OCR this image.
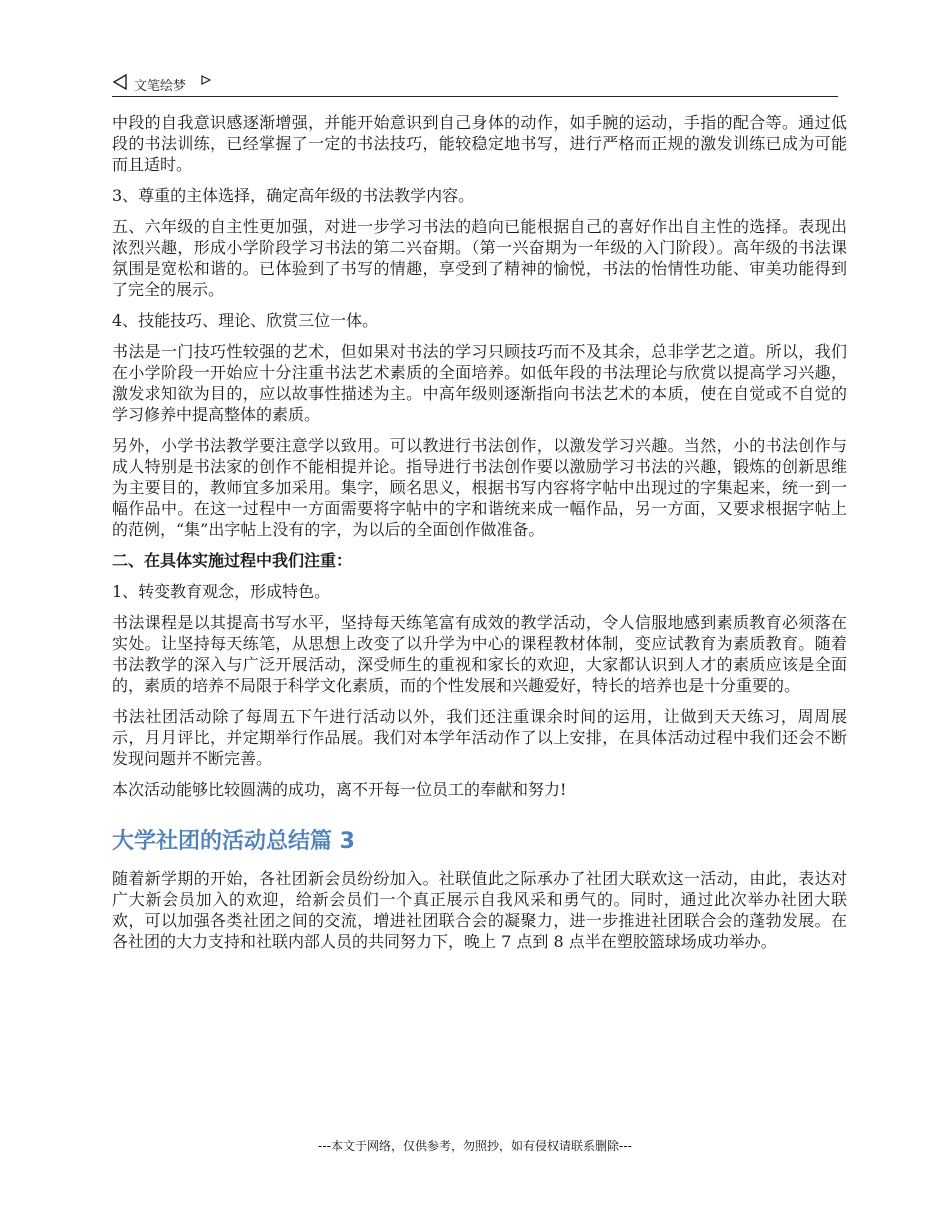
文笔绘梦

中段的自我意识感逐渐增强，并能开始意识到自己身体的动作，如手腕的运动，手指的配合等。通过低段的书法训练，已经掌握了一定的书法技巧，能较稳定地书写，进行严格而正规的激发训练已成为可能而且适时。

3、尊重的主体选择，确定高年级的书法教学内容。

五、六年级的自主性更加强，对进一步学习书法的趋向已能根据自己的喜好作出自主性的选择。表现出浓烈兴趣，形成小学阶段学习书法的第二兴奋期。（第一兴奋期为一年级的入门阶段）。高年级的书法课氛围是宽松和谐的。已体验到了书写的情趣，享受到了精神的愉悦，书法的怡情性功能、审美功能得到了完全的展示。

4、技能技巧、理论、欣赏三位一体。

书法是一门技巧性较强的艺术，但如果对书法的学习只顾技巧而不及其余，总非学艺之道。所以，我们在小学阶段一开始应十分注重书法艺术素质的全面培养。如低年段的书法理论与欣赏以提高学习兴趣，激发求知欲为目的，应以故事性描述为主。中高年级则逐渐指向书法艺术的本质，使在自觉或不自觉的学习修养中提高整体的素质。

另外，小学书法教学要注意学以致用。可以教进行书法创作，以激发学习兴趣。当然，小的书法创作与成人特别是书法家的创作不能相提并论。指导进行书法创作要以激励学习书法的兴趣，锻炼的创新思维为主要目的，教师宜多加采用。集字，顾名思义，根据书写内容将字帖中出现过的字集起来，统一到一幅作品中。在这一过程中一方面需要将字帖中的字和谐统来成一幅作品，另一方面，又要求根据字帖上的范例，“集”出字帖上没有的字，为以后的全面创作做准备。

二、在具体实施过程中我们注重：

1、转变教育观念，形成特色。

书法课程是以其提高书写水平，坚持每天练笔富有成效的教学活动，令人信服地感到素质教育必须落在实处。让坚持每天练笔，从思想上改变了以升学为中心的课程教材体制，变应试教育为素质教育。随着书法教学的深入与广泛开展活动，深受师生的重视和家长的欢迎，大家都认识到人才的素质应该是全面的，素质的培养不局限于科学文化素质，而的个性发展和兴趣爱好，特长的培养也是十分重要的。

书法社团活动除了每周五下午进行活动以外，我们还注重课余时间的运用，让做到天天练习，周周展示，月月评比，并定期举行作品展。我们对本学年活动作了以上安排，在具体活动过程中我们还会不断发现问题并不断完善。

本次活动能够比较圆满的成功，离不开每一位员工的奉献和努力!

大学社团的活动总结篇 3

随着新学期的开始，各社团新会员纷纷加入。社联值此之际承办了社团大联欢这一活动，由此，表达对广大新会员加入的欢迎，给新会员们一个真正展示自我风采和勇气的。同时，通过此次举办社团大联欢，可以加强各类社团之间的交流，增进社团联合会的凝聚力，进一步推进社团联合会的蓬勃发展。在各社团的大力支持和社联内部人员的共同努力下，晚上 7 点到 8 点半在塑胶篮球场成功举办。

---本文于网络，仅供参考，勿照抄，如有侵权请联系删除---
